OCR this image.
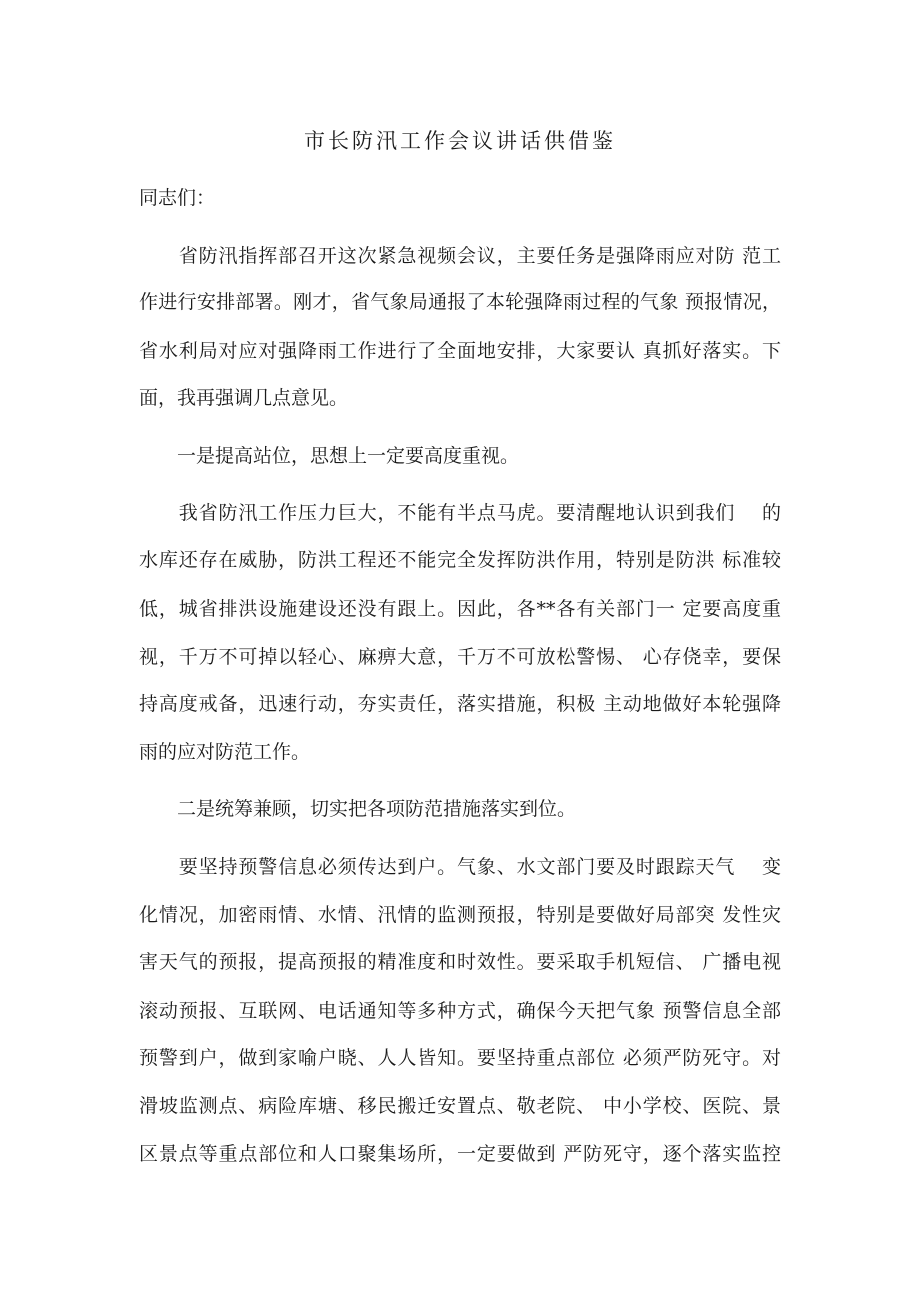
市长防汛工作会议讲话供借鉴
同志们：
　　省防汛指挥部召开这次紧急视频会议，主要任务是强降雨应对防 范工
作进行安排部署。刚才，省气象局通报了本轮强降雨过程的气象 预报情况，
省水利局对应对强降雨工作进行了全面地安排，大家要认 真抓好落实。下
面，我再强调几点意见。
　　一是提高站位，思想上一定要高度重视。
　　我省防汛工作压力巨大，不能有半点马虎。要清醒地认识到我们　 的
水库还存在威胁，防洪工程还不能完全发挥防洪作用，特别是防洪 标准较
低，城省排洪设施建设还没有跟上。因此，各**各有关部门一 定要高度重
视，千万不可掉以轻心、麻痹大意，千万不可放松警惕、 心存侥幸，要保
持高度戒备，迅速行动，夯实责任，落实措施，积极 主动地做好本轮强降
雨的应对防范工作。
　　二是统筹兼顾，切实把各项防范措施落实到位。
　　要坚持预警信息必须传达到户。气象、水文部门要及时跟踪天气　 变
化情况，加密雨情、水情、汛情的监测预报，特别是要做好局部突 发性灾
害天气的预报，提高预报的精准度和时效性。要采取手机短信、 广播电视
滚动预报、互联网、电话通知等多种方式，确保今天把气象 预警信息全部
预警到户，做到家喻户晓、人人皆知。要坚持重点部位 必须严防死守。对
滑坡监测点、病险库塘、移民搬迁安置点、敬老院、 中小学校、医院、景
区景点等重点部位和人口聚集场所，一定要做到 严防死守，逐个落实监控
